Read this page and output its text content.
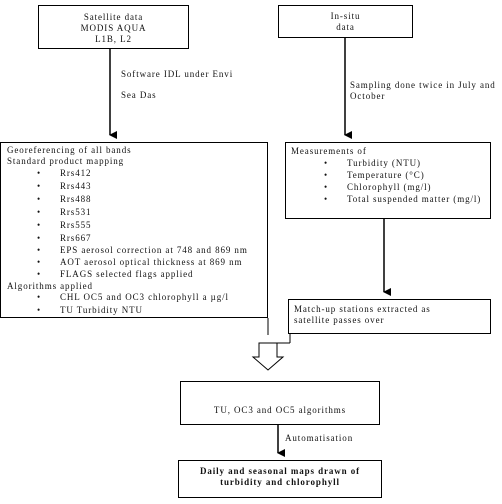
Satellite data
MODIS AQUA
L1B, L2
In-situ
data
Software IDL under Envi
Sea Das
Sampling done twice in July and
October
Georeferencing of all bands
Standard product mapping
• Rrs412
• Rrs443
• Rrs488
• Rrs531
• Rrs555
• Rrs667
• EPS aerosol correction at 748 and 869 nm
• AOT aerosol optical thickness at 869 nm
• FLAGS selected flags applied
Algorithms applied
• CHL OC5 and OC3 chlorophyll a µg/l
• TU Turbidity NTU
Measurements of
• Turbidity (NTU)
• Temperature (°C)
• Chlorophyll (mg/l)
• Total suspended matter (mg/l)
Match-up stations extracted as
satellite passes over
TU, OC3 and OC5 algorithms
Automatisation
Daily and seasonal maps drawn of
turbidity and chlorophyll
